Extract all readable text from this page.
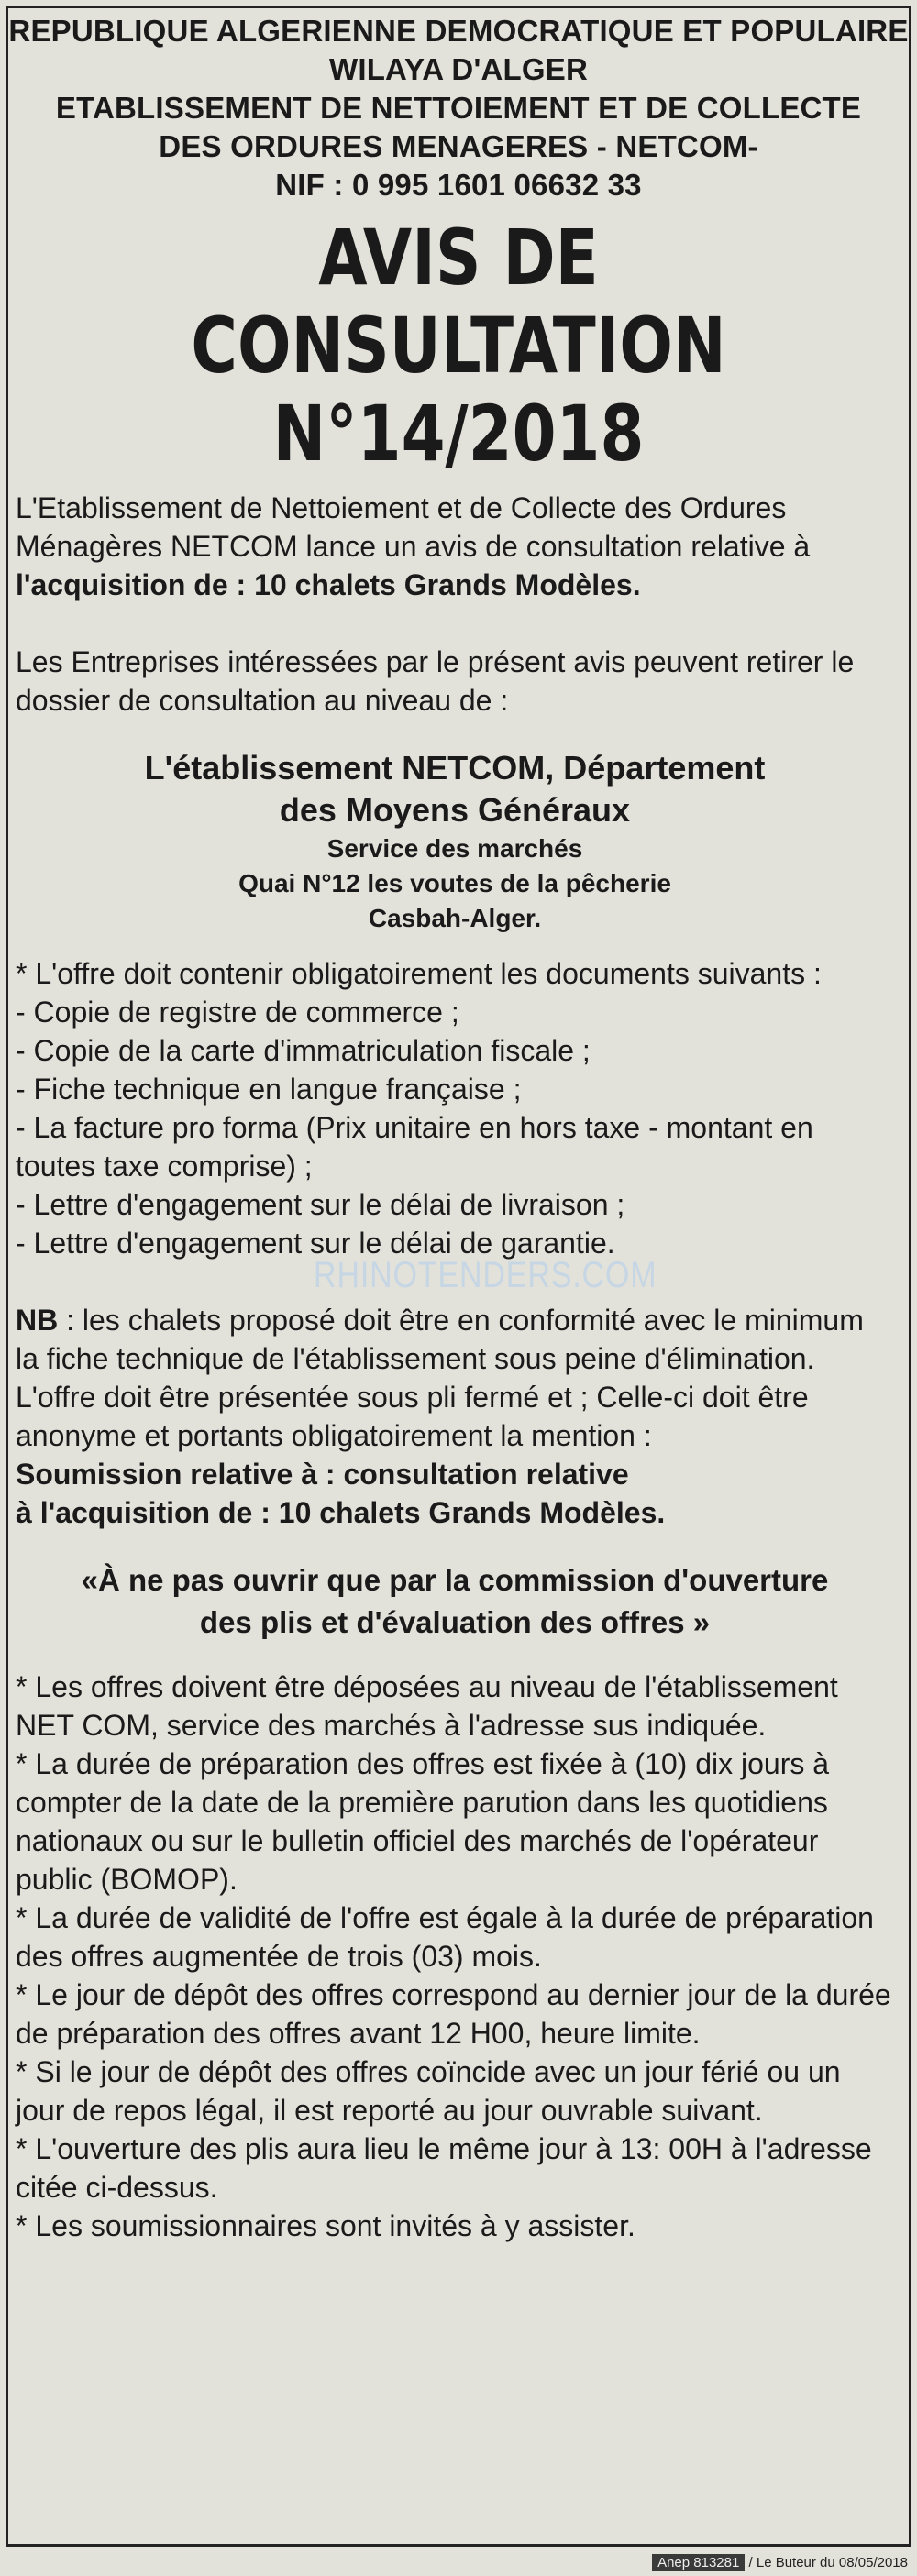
REPUBLIQUE ALGERIENNE DEMOCRATIQUE ET POPULAIRE
WILAYA D'ALGER
ETABLISSEMENT DE NETTOIEMENT ET DE COLLECTE
DES ORDURES MENAGERES - NETCOM-
NIF : 0 995 1601 06632 33
AVIS DE CONSULTATION
N°14/2018

L'Etablissement de Nettoiement et de Collecte des Ordures Ménagères NETCOM lance un avis de consultation relative à l'acquisition de : 10 chalets Grands Modèles.

Les Entreprises intéressées par le présent avis peuvent retirer le dossier de consultation au niveau de :

L'établissement NETCOM, Département
des Moyens Généraux
Service des marchés
Quai N°12 les voutes de la pêcherie
Casbah-Alger.

* L'offre doit contenir obligatoirement les documents suivants :

- Copie de registre de commerce ;

- Copie de la carte d'immatriculation fiscale ;

- Fiche technique en langue française ;

- La facture pro forma (Prix unitaire en hors taxe - montant en toutes taxe comprise) ;

- Lettre d'engagement sur le délai de livraison ;

- Lettre d'engagement sur le délai de garantie.

NB : les chalets proposé doit être en conformité avec le minimum la fiche technique de l'établissement sous peine d'élimination.

L'offre doit être présentée sous pli fermé et ; Celle-ci doit être anonyme et portants obligatoirement la mention :

Soumission relative à : consultation relative

à l'acquisition de : 10 chalets Grands Modèles.

«À ne pas ouvrir que par la commission d'ouverture
des plis et d'évaluation des offres »

* Les offres doivent être déposées au niveau de l'établissement NET COM, service des marchés à l'adresse sus indiquée.

* La durée de préparation des offres est fixée à (10) dix jours à compter de la date de la première parution dans les quotidiens nationaux ou sur le bulletin officiel des marchés de l'opérateur public (BOMOP).

* La durée de validité de l'offre est égale à la durée de préparation des offres augmentée de trois (03) mois.

* Le jour de dépôt des offres correspond au dernier jour de la durée de préparation des offres avant 12 H00, heure limite.

* Si le jour de dépôt des offres coïncide avec un jour férié ou un jour de repos légal, il est reporté au jour ouvrable suivant.

* L'ouverture des plis aura lieu le même jour à 13: 00H à l'adresse citée ci-dessus.

* Les soumissionnaires sont invités à y assister.

RHINOTENDERS.COM
Anep 813281 / Le Buteur du 08/05/2018
